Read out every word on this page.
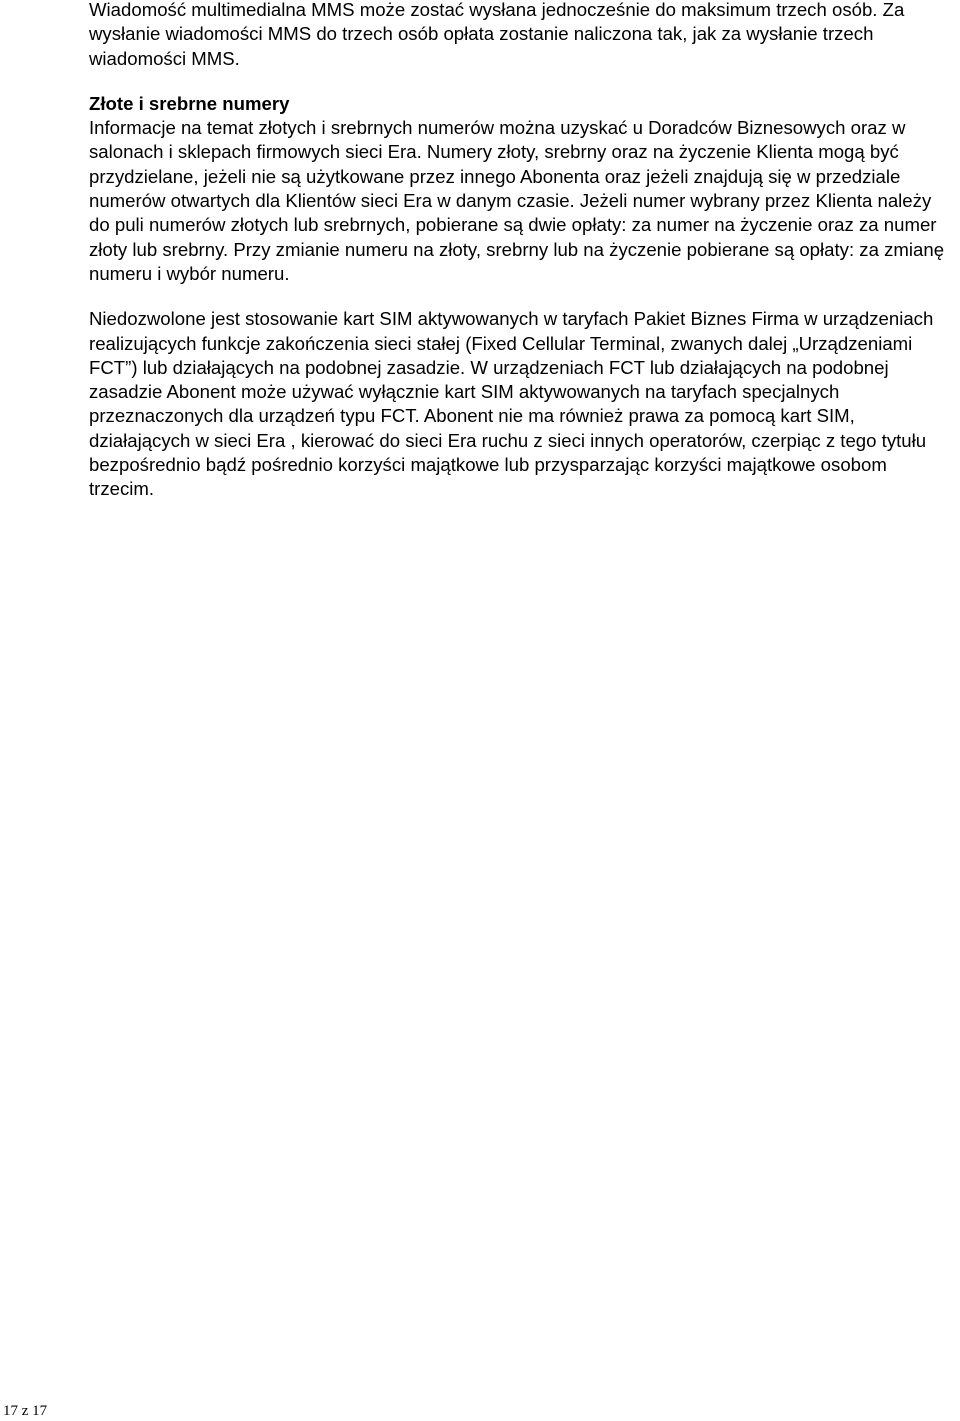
Wiadomość multimedialna MMS może zostać wysłana jednocześnie do maksimum trzech osób. Za wysłanie wiadomości MMS do trzech osób opłata zostanie naliczona tak, jak za wysłanie trzech wiadomości MMS.

Złote i srebrne numery

Informacje na temat złotych i srebrnych numerów można uzyskać u Doradców Biznesowych oraz w salonach i sklepach firmowych sieci Era. Numery złoty, srebrny oraz na życzenie Klienta mogą być przydzielane, jeżeli nie są użytkowane przez innego Abonenta oraz jeżeli znajdują się w przedziale numerów otwartych dla Klientów sieci Era w danym czasie. Jeżeli numer wybrany przez Klienta należy do puli numerów złotych lub srebrnych, pobierane są dwie opłaty: za numer na życzenie oraz za numer złoty lub srebrny. Przy zmianie numeru na złoty, srebrny lub na życzenie pobierane są opłaty: za zmianę numeru i wybór numeru.

Niedozwolone jest stosowanie kart SIM aktywowanych w taryfach Pakiet Biznes Firma w urządzeniach realizujących funkcje zakończenia sieci stałej (Fixed Cellular Terminal, zwanych dalej „Urządzeniami FCT”) lub działających na podobnej zasadzie. W urządzeniach FCT lub działających na podobnej zasadzie Abonent może używać wyłącznie kart SIM aktywowanych na taryfach specjalnych przeznaczonych dla urządzeń typu FCT. Abonent nie ma również prawa za pomocą kart SIM, działających w sieci Era , kierować do sieci Era ruchu z sieci innych operatorów, czerpiąc z tego tytułu bezpośrednio bądź pośrednio korzyści majątkowe lub przysparzając korzyści majątkowe osobom trzecim.

17 z 17
